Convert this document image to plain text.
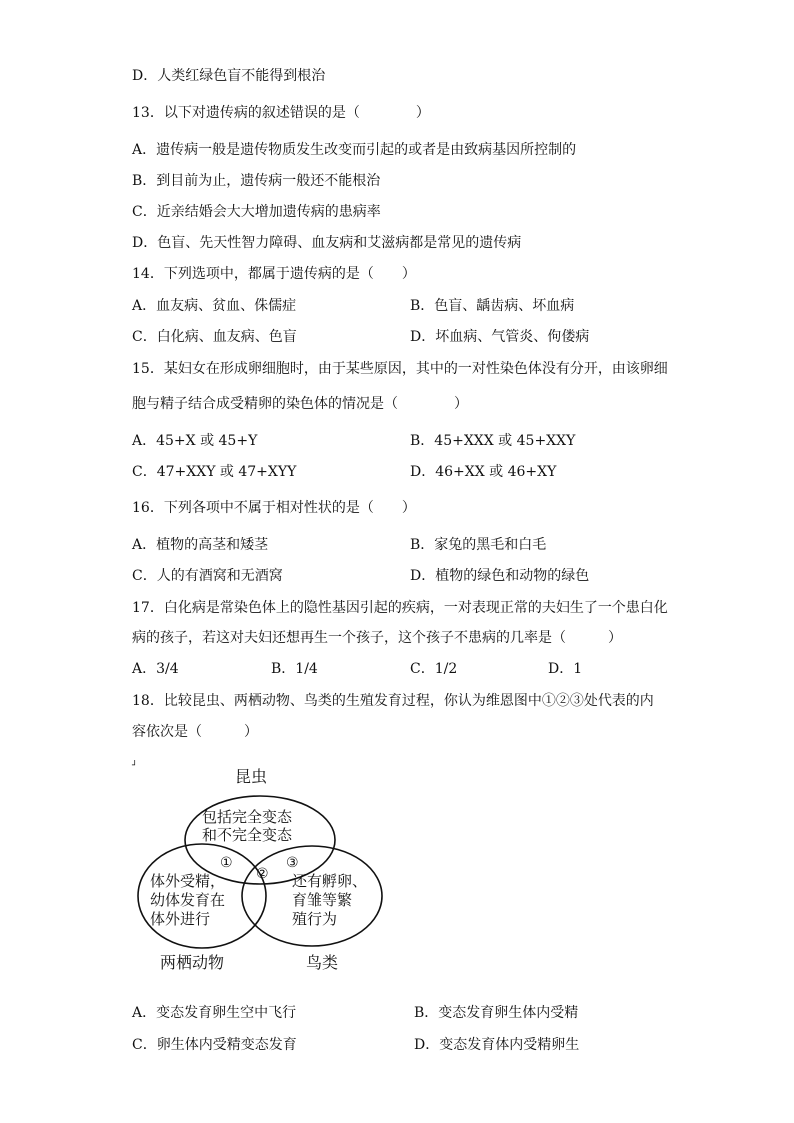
D．人类红绿色盲不能得到根治
13．以下对遗传病的叙述错误的是（　　　　）
A．遗传病一般是遗传物质发生改变而引起的或者是由致病基因所控制的
B．到目前为止，遗传病一般还不能根治
C．近亲结婚会大大增加遗传病的患病率
D．色盲、先天性智力障碍、血友病和艾滋病都是常见的遗传病
14．下列选项中，都属于遗传病的是（　　）
A．血友病、贫血、侏儒症	B．色盲、龋齿病、坏血病
C．白化病、血友病、色盲	D．坏血病、气管炎、佝偻病
15．某妇女在形成卵细胞时，由于某些原因，其中的一对性染色体没有分开，由该卵细
胞与精子结合成受精卵的染色体的情况是（　　　　）
A．45+X 或 45+Y	B．45+XXX 或 45+XXY
C．47+XXY 或 47+XYY	D．46+XX 或 46+XY
16．下列各项中不属于相对性状的是（　　）
A．植物的高茎和矮茎	B．家兔的黑毛和白毛
C．人的有酒窝和无酒窝	D．植物的绿色和动物的绿色
17．白化病是常染色体上的隐性基因引起的疾病，一对表现正常的夫妇生了一个患白化
病的孩子，若这对夫妇还想再生一个孩子，这个孩子不患病的几率是（　　　）
A．3/4	B．1/4	C．1/2	D．1
18．比较昆虫、两栖动物、鸟类的生殖发育过程，你认为维恩图中①②③处代表的内
容依次是（　　　）
┘
昆虫
包括完全变态
和不完全变态
①
②
③
体外受精，
幼体发育在
体外进行
还有孵卵、
育雏等繁
殖行为
两栖动物	鸟类
A．变态发育卵生空中飞行	B．变态发育卵生体内受精
C．卵生体内受精变态发育	D．变态发育体内受精卵生
